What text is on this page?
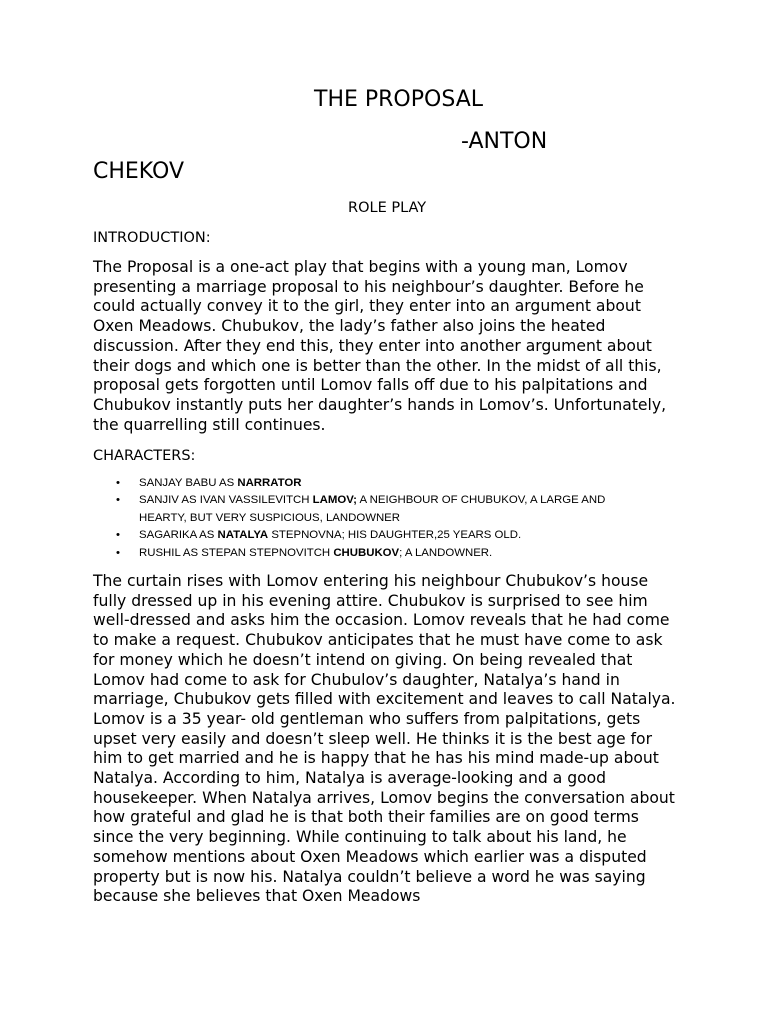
THE PROPOSAL
-ANTON
CHEKOV
ROLE PLAY
INTRODUCTION:

The Proposal is a one-act play that begins with a young man, Lomov presenting a marriage proposal to his neighbour’s daughter. Before he could actually convey it to the girl, they enter into an argument about Oxen Meadows. Chubukov, the lady’s father also joins the heated discussion. After they end this, they enter into another argument about their dogs and which one is better than the other. In the midst of all this, proposal gets forgotten until Lomov falls off due to his palpitations and Chubukov instantly puts her daughter’s hands in Lomov’s. Unfortunately, the quarrelling still continues.

CHARACTERS:
• SANJAY BABU AS NARRATOR
• SANJIV AS IVAN VASSILEVITCH LAMOV; A NEIGHBOUR OF CHUBUKOV, A LARGE AND HEARTY, BUT VERY SUSPICIOUS, LANDOWNER
• SAGARIKA AS NATALYA STEPNOVNA; HIS DAUGHTER,25 YEARS OLD.
• RUSHIL AS STEPAN STEPNOVITCH CHUBUKOV; A LANDOWNER.

The curtain rises with Lomov entering his neighbour Chubukov’s house fully dressed up in his evening attire. Chubukov is surprised to see him well-dressed and asks him the occasion. Lomov reveals that he had come to make a request. Chubukov anticipates that he must have come to ask for money which he doesn’t intend on giving. On being revealed that Lomov had come to ask for Chubulov’s daughter, Natalya’s hand in marriage, Chubukov gets filled with excitement and leaves to call Natalya. Lomov is a 35 year- old gentleman who suffers from palpitations, gets upset very easily and doesn’t sleep well. He thinks it is the best age for him to get married and he is happy that he has his mind made-up about Natalya. According to him, Natalya is average-looking and a good housekeeper. When Natalya arrives, Lomov begins the conversation about how grateful and glad he is that both their families are on good terms since the very beginning. While continuing to talk about his land, he somehow mentions about Oxen Meadows which earlier was a disputed property but is now his. Natalya couldn’t believe a word he was saying because she believes that Oxen Meadows
